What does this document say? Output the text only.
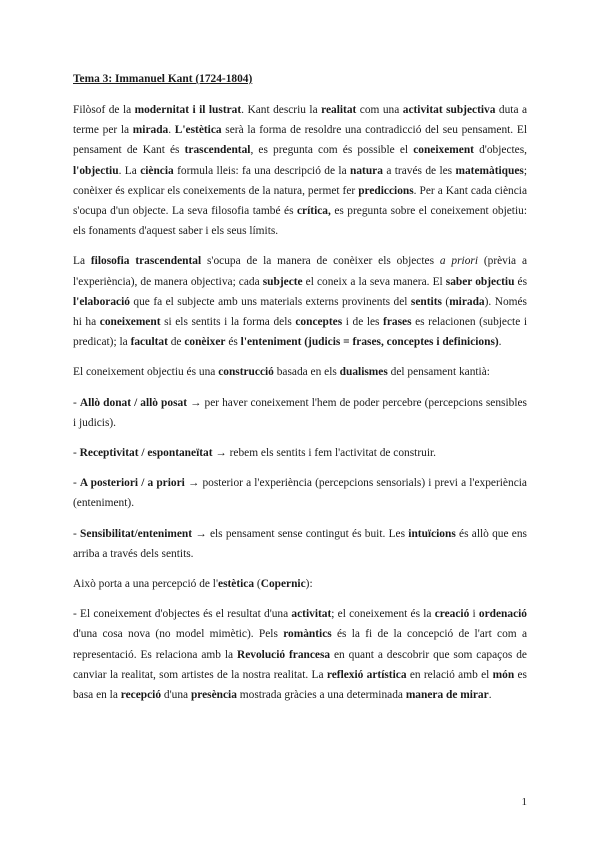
Tema 3: Immanuel Kant (1724-1804)

Filòsof de la modernitat i il lustrat. Kant descriu la realitat com una activitat subjectiva duta a terme per la mirada. L'estètica serà la forma de resoldre una contradicció del seu pensament. El pensament de Kant és trascendental, es pregunta com és possible el coneixement d'objectes, l'objectiu. La ciència formula lleis: fa una descripció de la natura a través de les matemàtiques; conèixer és explicar els coneixements de la natura, permet fer prediccions. Per a Kant cada ciència s'ocupa d'un objecte. La seva filosofia també és crítica, es pregunta sobre el coneixement objetiu: els fonaments d'aquest saber i els seus límits.

La filosofia trascendental s'ocupa de la manera de conèixer els objectes a priori (prèvia a l'experiència), de manera objectiva; cada subjecte el coneix a la seva manera. El saber objectiu és l'elaboració que fa el subjecte amb uns materials externs provinents del sentits (mirada). Només hi ha coneixement si els sentits i la forma dels conceptes i de les frases es relacionen (subjecte i predicat); la facultat de conèixer és l'enteniment (judicis = frases, conceptes i definicions).

El coneixement objectiu és una construcció basada en els dualismes del pensament kantià:

- Allò donat / allò posat → per haver coneixement l'hem de poder percebre (percepcions sensibles i judicis).

- Receptivitat / espontaneïtat → rebem els sentits i fem l'activitat de construir.

- A posteriori / a priori → posterior a l'experiència (percepcions sensorials) i previ a l'experiència (enteniment).

- Sensibilitat/enteniment → els pensament sense contingut és buit. Les intuïcions és allò que ens arriba a través dels sentits.

Això porta a una percepció de l'estètica (Copernic):

- El coneixement d'objectes és el resultat d'una activitat; el coneixement és la creació i ordenació d'una cosa nova (no model mimètic). Pels romàntics és la fi de la concepció de l'art com a representació. Es relaciona amb la Revolució francesa en quant a descobrir que som capaços de canviar la realitat, som artistes de la nostra realitat. La reflexió artística en relació amb el món es basa en la recepció d'una presència mostrada gràcies a una determinada manera de mirar.

1
